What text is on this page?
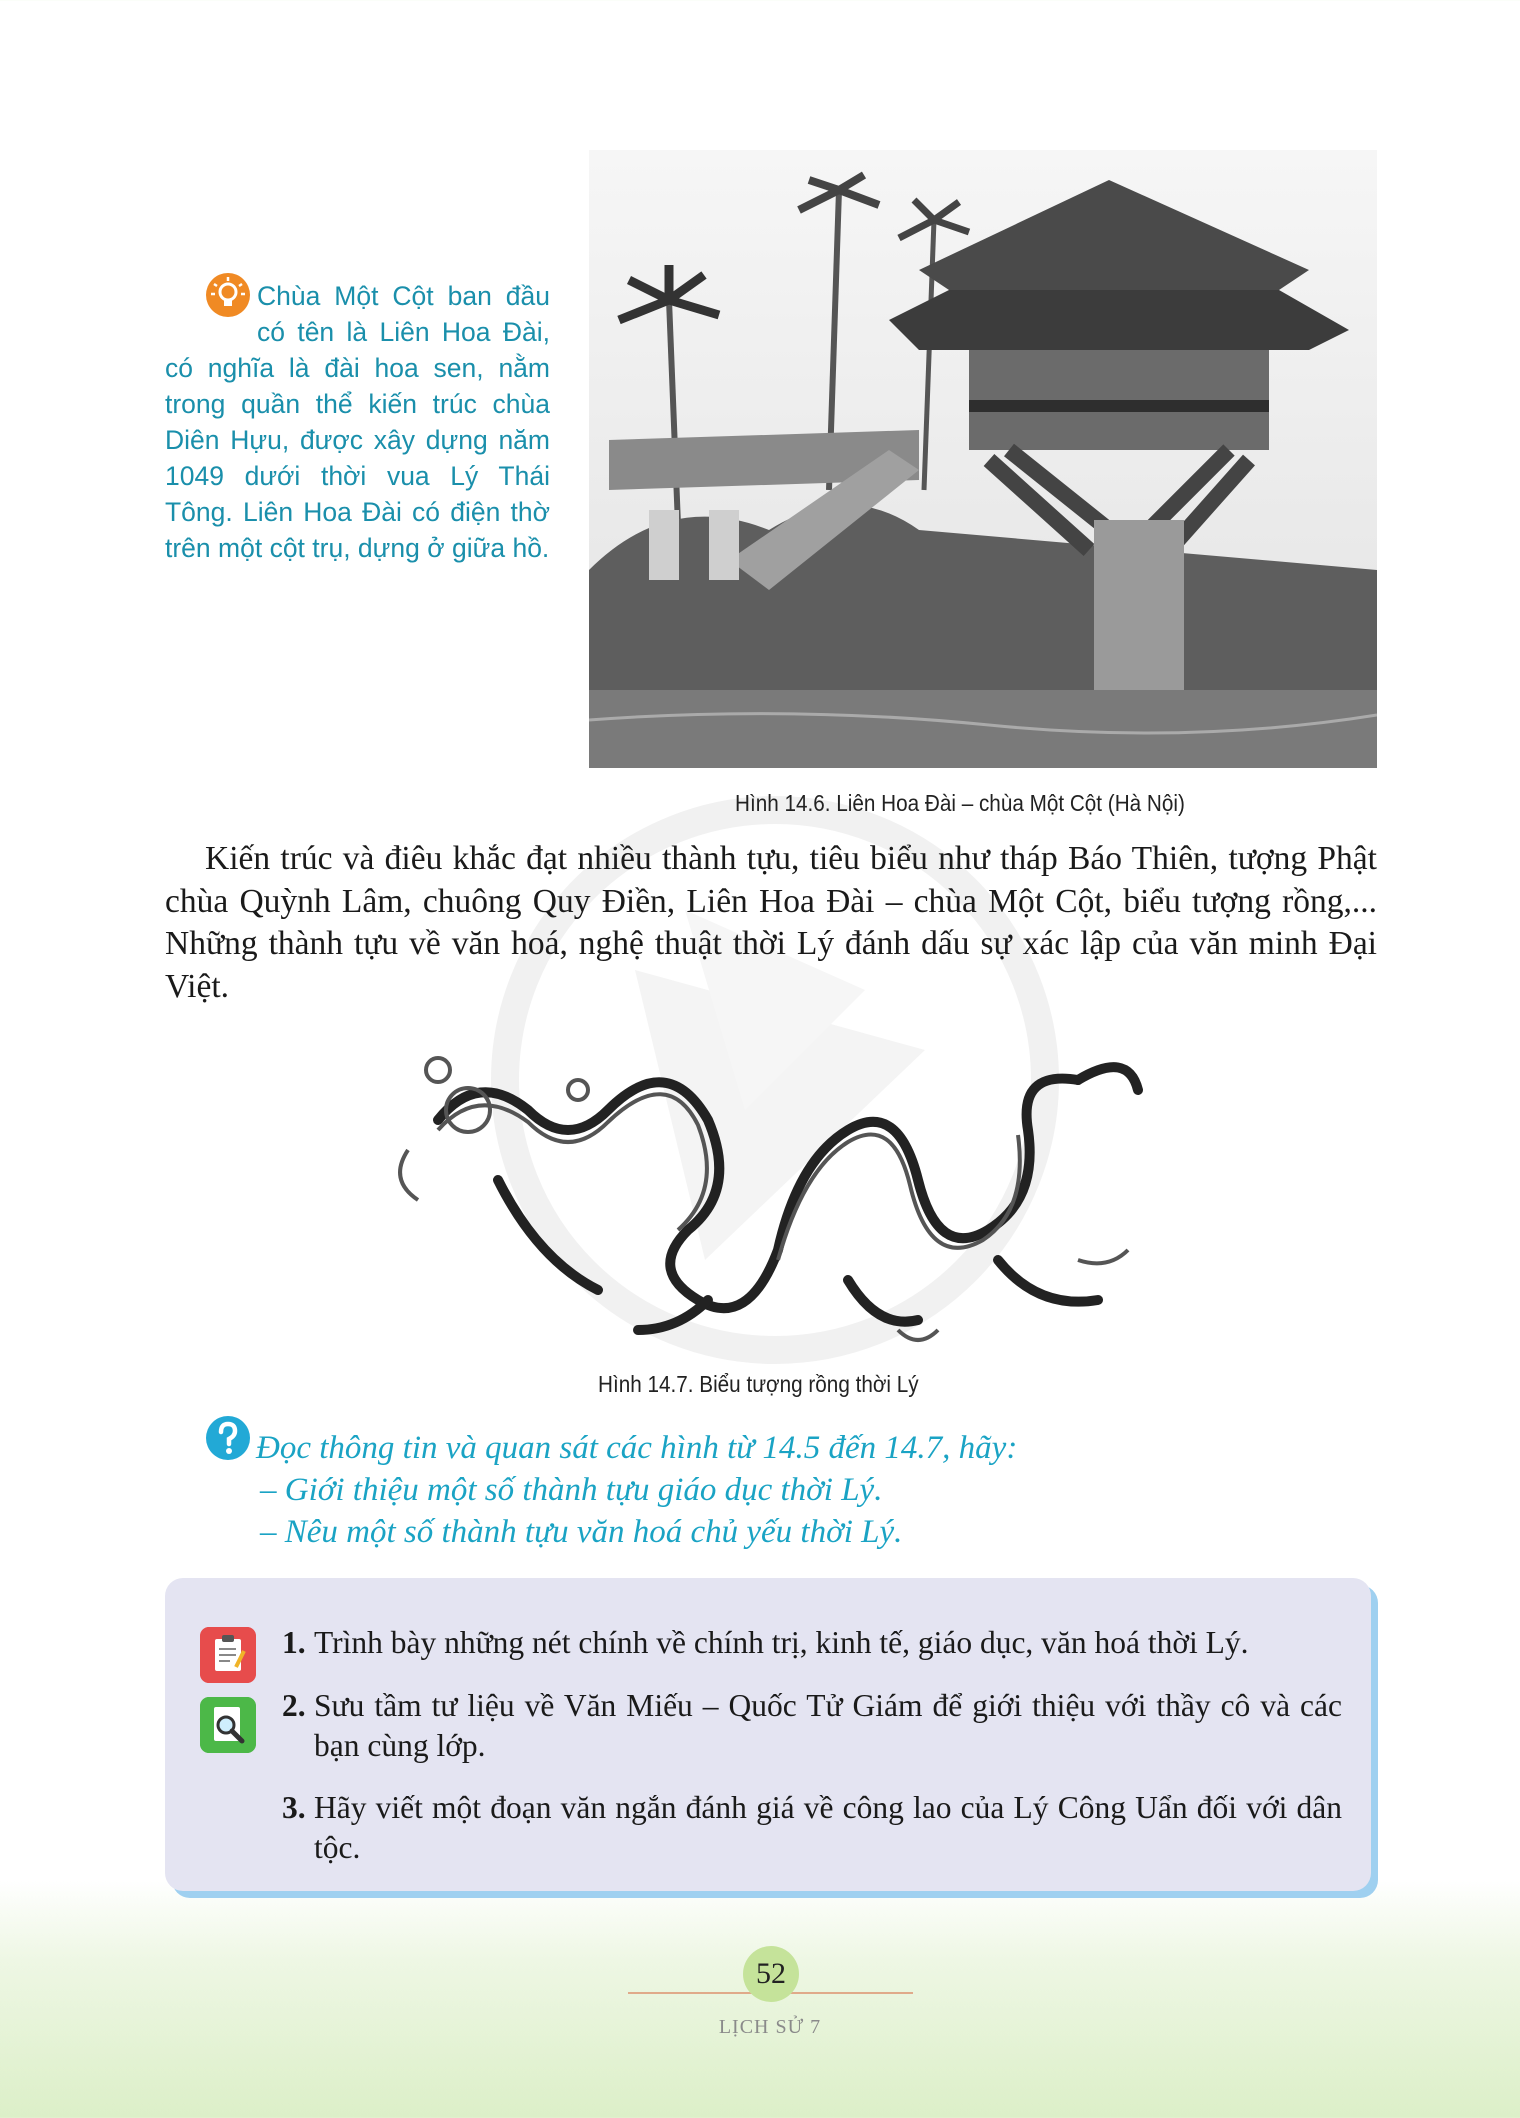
Chùa Một Cột ban đầu có tên là Liên Hoa Đài, có nghĩa là đài hoa sen, nằm trong quần thể kiến trúc chùa Diên Hựu, được xây dựng năm 1049 dưới thời vua Lý Thái Tông. Liên Hoa Đài có điện thờ trên một cột trụ, dựng ở giữa hồ.
Hình 14.6. Liên Hoa Đài – chùa Một Cột (Hà Nội)

Kiến trúc và điêu khắc đạt nhiều thành tựu, tiêu biểu như tháp Báo Thiên, tượng Phật chùa Quỳnh Lâm, chuông Quy Điền, Liên Hoa Đài – chùa Một Cột, biểu tượng rồng,... Những thành tựu về văn hoá, nghệ thuật thời Lý đánh dấu sự xác lập của văn minh Đại Việt.

Hình 14.7. Biểu tượng rồng thời Lý
Đọc thông tin và quan sát các hình từ 14.5 đến 14.7, hãy:
– Giới thiệu một số thành tựu giáo dục thời Lý.
– Nêu một số thành tựu văn hoá chủ yếu thời Lý.
1. Trình bày những nét chính về chính trị, kinh tế, giáo dục, văn hoá thời Lý.
2. Sưu tầm tư liệu về Văn Miếu – Quốc Tử Giám để giới thiệu với thầy cô và các bạn cùng lớp.
3. Hãy viết một đoạn văn ngắn đánh giá về công lao của Lý Công Uẩn đối với dân tộc.
52
LỊCH SỬ 7
